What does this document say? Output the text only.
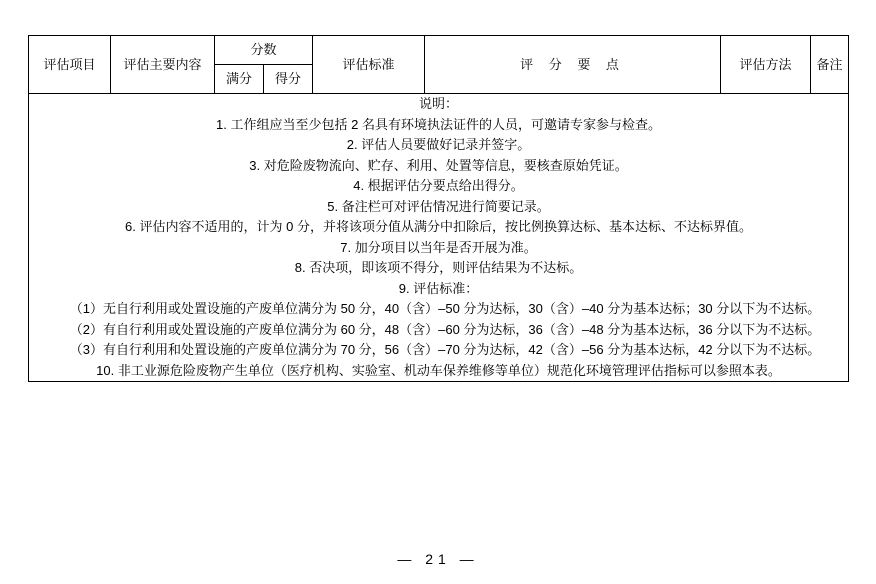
评估项目	评估主要内容	分数		评估标准	评 分 要 点	评估方法	备注
		满分	得分				

说明：
1. 工作组应当至少包括 2 名具有环境执法证件的人员，可邀请专家参与检查。
2. 评估人员要做好记录并签字。
3. 对危险废物流向、贮存、利用、处置等信息，要核查原始凭证。
4. 根据评估分要点给出得分。
5. 备注栏可对评估情况进行简要记录。
6. 评估内容不适用的，计为 0 分，并将该项分值从满分中扣除后，按比例换算达标、基本达标、不达标界值。
7. 加分项目以当年是否开展为准。
8. 否决项，即该项不得分，则评估结果为不达标。
9. 评估标准：
（1）无自行利用或处置设施的产废单位满分为 50 分，40（含）–50 分为达标，30（含）–40 分为基本达标；30 分以下为不达标。
（2）有自行利用或处置设施的产废单位满分为 60 分，48（含）–60 分为达标，36（含）–48 分为基本达标，36 分以下为不达标。
（3）有自行利用和处置设施的产废单位满分为 70 分，56（含）–70 分为达标，42（含）–56 分为基本达标，42 分以下为不达标。
10. 非工业源危险废物产生单位（医疗机构、实验室、机动车保养维修等单位）规范化环境管理评估指标可以参照本表。
— 21 —
